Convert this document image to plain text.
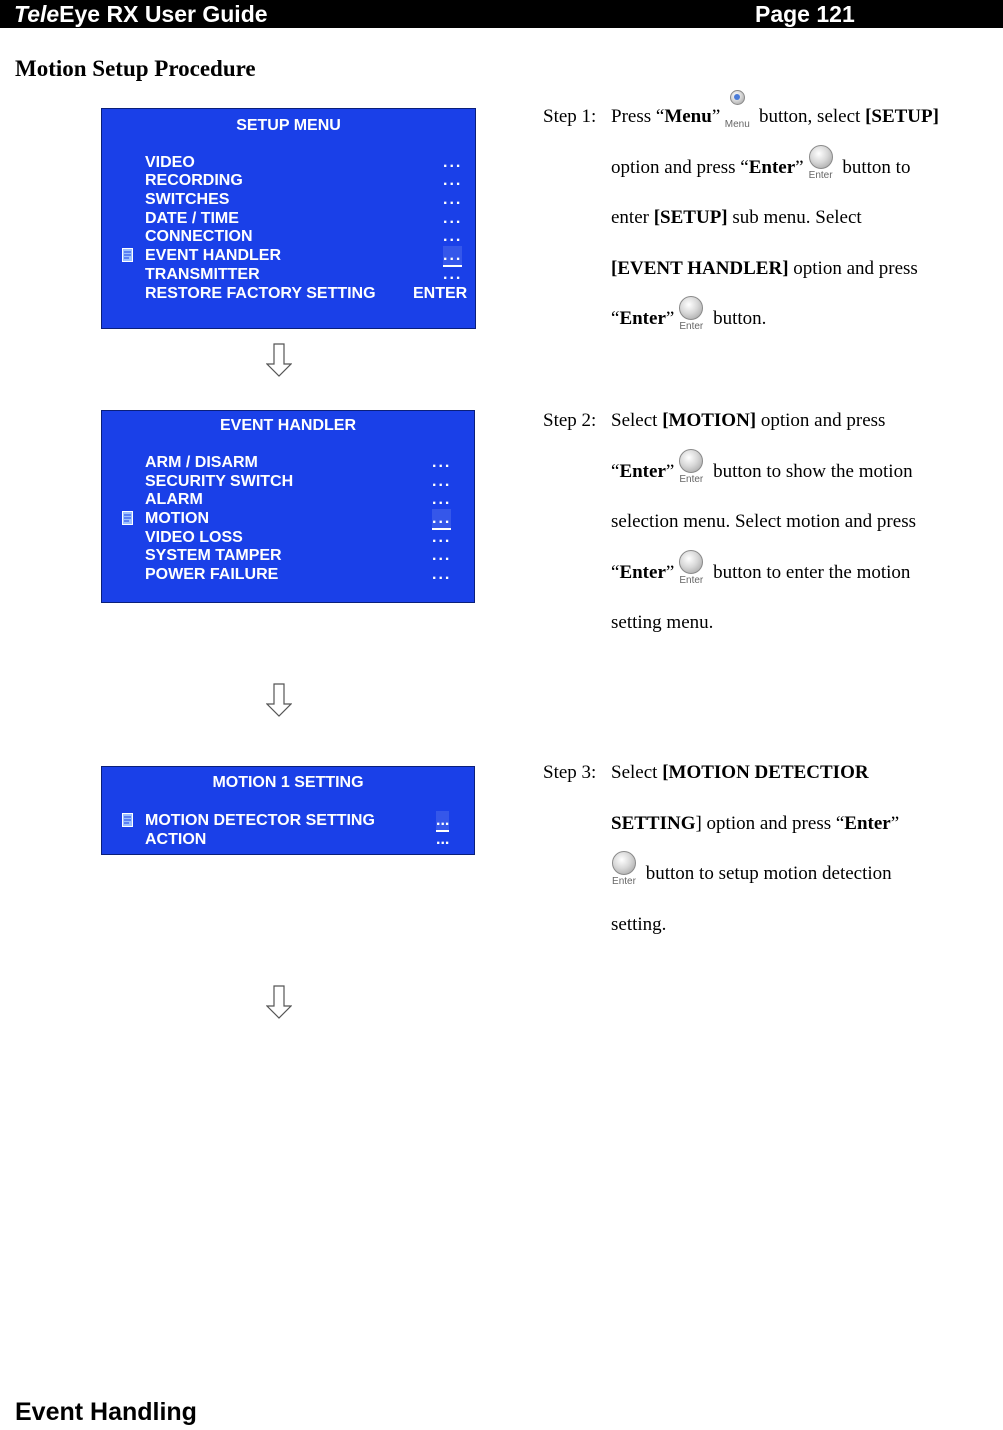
TeleEye RX User Guide	Page 121
Motion Setup Procedure
SETUP MENU
VIDEO
RECORDING
SWITCHES
DATE / TIME
CONNECTION
EVENT HANDLER
TRANSMITTER
RESTORE FACTORY SETTING
...
...
...
...
...
...
...
ENTER
EVENT HANDLER
ARM / DISARM
SECURITY SWITCH
ALARM
MOTION
VIDEO LOSS
SYSTEM TAMPER
POWER FAILURE
...
...
...
...
...
...
...
MOTION 1 SETTING
MOTION DETECTOR SETTING
ACTION
...
...
Step 1: Press “Menu” Menu button, select [SETUP]

option and press “Enter” Enter button to

enter [SETUP] sub menu. Select

[EVENT HANDLER] option and press

“Enter” Enter button.

Step 2: Select [MOTION] option and press

“Enter” Enter button to show the motion

selection menu. Select motion and press

“Enter” Enter button to enter the motion

setting menu.

Step 3: Select [MOTION DETECTIOR

SETTING] option and press “Enter”

Enter button to setup motion detection

setting.

Event Handling
